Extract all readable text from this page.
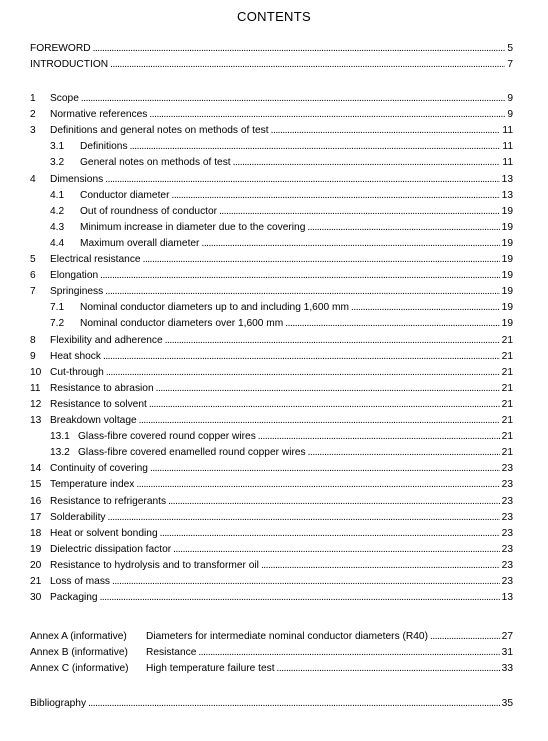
CONTENTS
FOREWORD . . .	5
INTRODUCTION . . .	7
1	Scope . . .	9
2	Normative references . . .	9
3	Definitions and general notes on methods of test . . .	11
3.1	Definitions . . .	11
3.2	General notes on methods of test . . .	11
4	Dimensions . . .	13
4.1	Conductor diameter . . .	13
4.2	Out of roundness of conductor . . .	19
4.3	Minimum increase in diameter due to the covering . . .	19
4.4	Maximum overall diameter . . .	19
5	Electrical resistance . . .	19
6	Elongation . . .	19
7	Springiness . . .	19
7.1	Nominal conductor diameters up to and including 1,600 mm . . .	19
7.2	Nominal conductor diameters over 1,600 mm . . .	19
8	Flexibility and adherence . . .	21
9	Heat shock . . .	21
10 Cut-through . . .	21
11 Resistance to abrasion . . .	21
12 Resistance to solvent . . .	21
13 Breakdown voltage . . .	21
13.1 Glass-fibre covered round copper wires . . .	21
13.2 Glass-fibre covered enamelled round copper wires . . .	21
14 Continuity of covering . . .	23
15 Temperature index . . .	23
16 Resistance to refrigerants . . .	23
17 Solderability . . .	23
18 Heat or solvent bonding . . .	23
19 Dielectric dissipation factor . . .	23
20 Resistance to hydrolysis and to transformer oil . . .	23
21 Loss of mass . . .	23
30 Packaging . . .	13
Annex A (informative)	Diameters for intermediate nominal conductor diameters (R40) . . .	27
Annex B (informative)	Resistance . . .	31
Annex C (informative)	High temperature failure test . . .	33
Bibliography . . .	35
